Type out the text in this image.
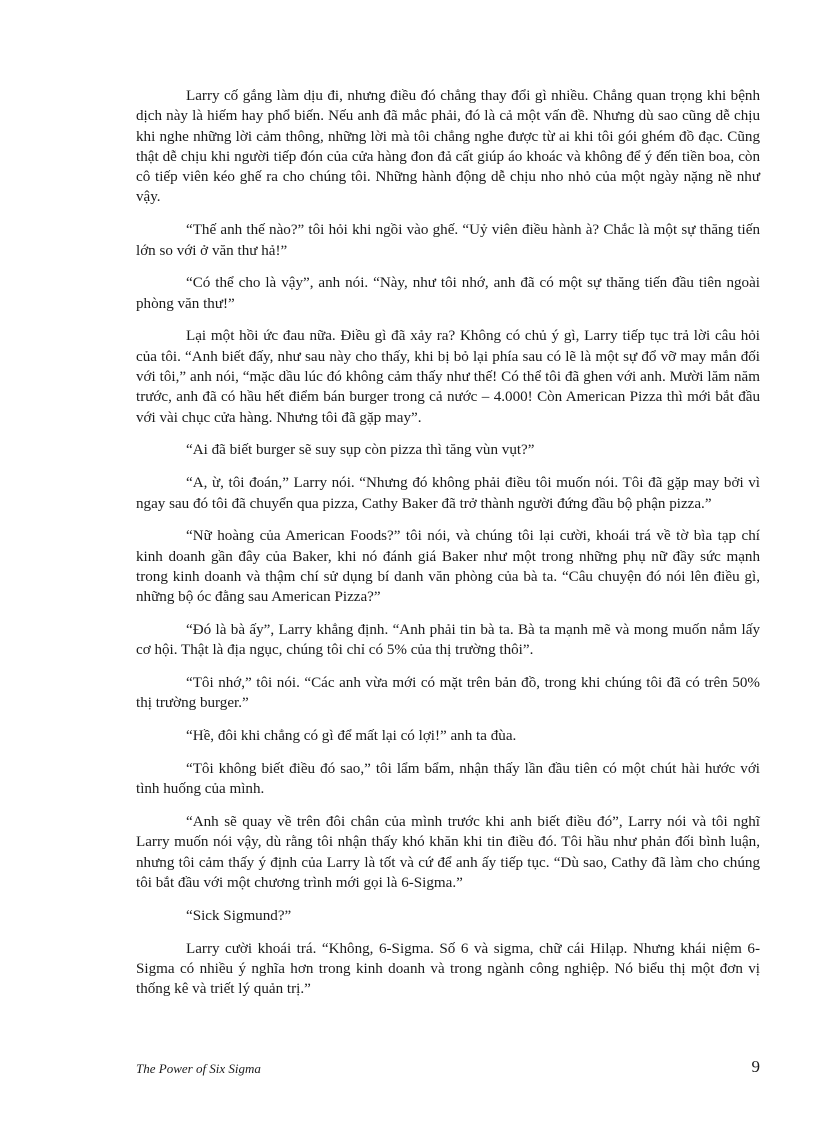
Larry cố gắng làm dịu đi, nhưng điều đó chẳng thay đổi gì nhiều. Chẳng quan trọng khi bệnh dịch này là hiếm hay phổ biến. Nếu anh đã mắc phải, đó là cả một vấn đề. Nhưng dù sao cũng dễ chịu khi nghe những lời cảm thông, những lời mà tôi chẳng nghe được từ ai khi tôi gói ghém đồ đạc. Cũng thật dễ chịu khi người tiếp đón của cửa hàng đon đả cất giúp áo khoác và không để ý đến tiền boa, còn cô tiếp viên kéo ghế ra cho chúng tôi. Những hành động dễ chịu nho nhỏ của một ngày nặng nề như vậy.

“Thế anh thế nào?” tôi hỏi khi ngồi vào ghế. “Uỷ viên điều hành à? Chắc là một sự thăng tiến lớn so với ở văn thư hả!”

“Có thể cho là vậy”, anh nói. “Này, như tôi nhớ, anh đã có một sự thăng tiến đầu tiên ngoài phòng văn thư!”

Lại một hồi ức đau nữa. Điều gì đã xảy ra? Không có chủ ý gì, Larry tiếp tục trả lời câu hỏi của tôi. “Anh biết đấy, như sau này cho thấy, khi bị bỏ lại phía sau có lẽ là một sự đổ vỡ may mắn đối với tôi,” anh nói, “mặc dầu lúc đó không cảm thấy như thế! Có thể tôi đã ghen với anh. Mười lăm năm trước, anh đã có hầu hết điểm bán burger trong cả nước – 4.000! Còn American Pizza thì mới bắt đầu với vài chục cửa hàng. Nhưng tôi đã gặp may”.

“Ai đã biết burger sẽ suy sụp còn pizza thì tăng vùn vụt?”

“A, ừ, tôi đoán,” Larry nói. “Nhưng đó không phải điều tôi muốn nói. Tôi đã gặp may bởi vì ngay sau đó tôi đã chuyển qua pizza, Cathy Baker đã trở thành người đứng đầu bộ phận pizza.”

“Nữ hoàng của American Foods?” tôi nói, và chúng tôi lại cười, khoái trá về tờ bìa tạp chí kinh doanh gần đây của Baker, khi nó đánh giá Baker như một trong những phụ nữ đầy sức mạnh trong kinh doanh và thậm chí sử dụng bí danh văn phòng của bà ta. “Câu chuyện đó nói lên điều gì, những bộ óc đằng sau American Pizza?”

“Đó là bà ấy”, Larry khẳng định. “Anh phải tin bà ta. Bà ta mạnh mẽ và mong muốn nắm lấy cơ hội. Thật là địa ngục, chúng tôi chỉ có 5% của thị trường thôi”.

“Tôi nhớ,” tôi nói. “Các anh vừa mới có mặt trên bản đồ, trong khi chúng tôi đã có trên 50% thị trường burger.”

“Hề, đôi khi chẳng có gì để mất lại có lợi!” anh ta đùa.

“Tôi không biết điều đó sao,” tôi lẩm bẩm, nhận thấy lần đầu tiên có một chút hài hước với tình huống của mình.

“Anh sẽ quay về trên đôi chân của mình trước khi anh biết điều đó”, Larry nói và tôi nghĩ Larry muốn nói vậy, dù rằng tôi nhận thấy khó khăn khi tin điều đó. Tôi hầu như phản đối bình luận, nhưng tôi cảm thấy ý định của Larry là tốt và cứ để anh ấy tiếp tục. “Dù sao, Cathy đã làm cho chúng tôi bắt đầu với một chương trình mới gọi là 6-Sigma.”

“Sick Sigmund?”

Larry cười khoái trá. “Không, 6-Sigma. Số 6 và sigma, chữ cái Hilạp. Nhưng khái niệm 6-Sigma có nhiều ý nghĩa hơn trong kinh doanh và trong ngành công nghiệp. Nó biểu thị một đơn vị thống kê và triết lý quản trị.”

The Power of Six Sigma	9
